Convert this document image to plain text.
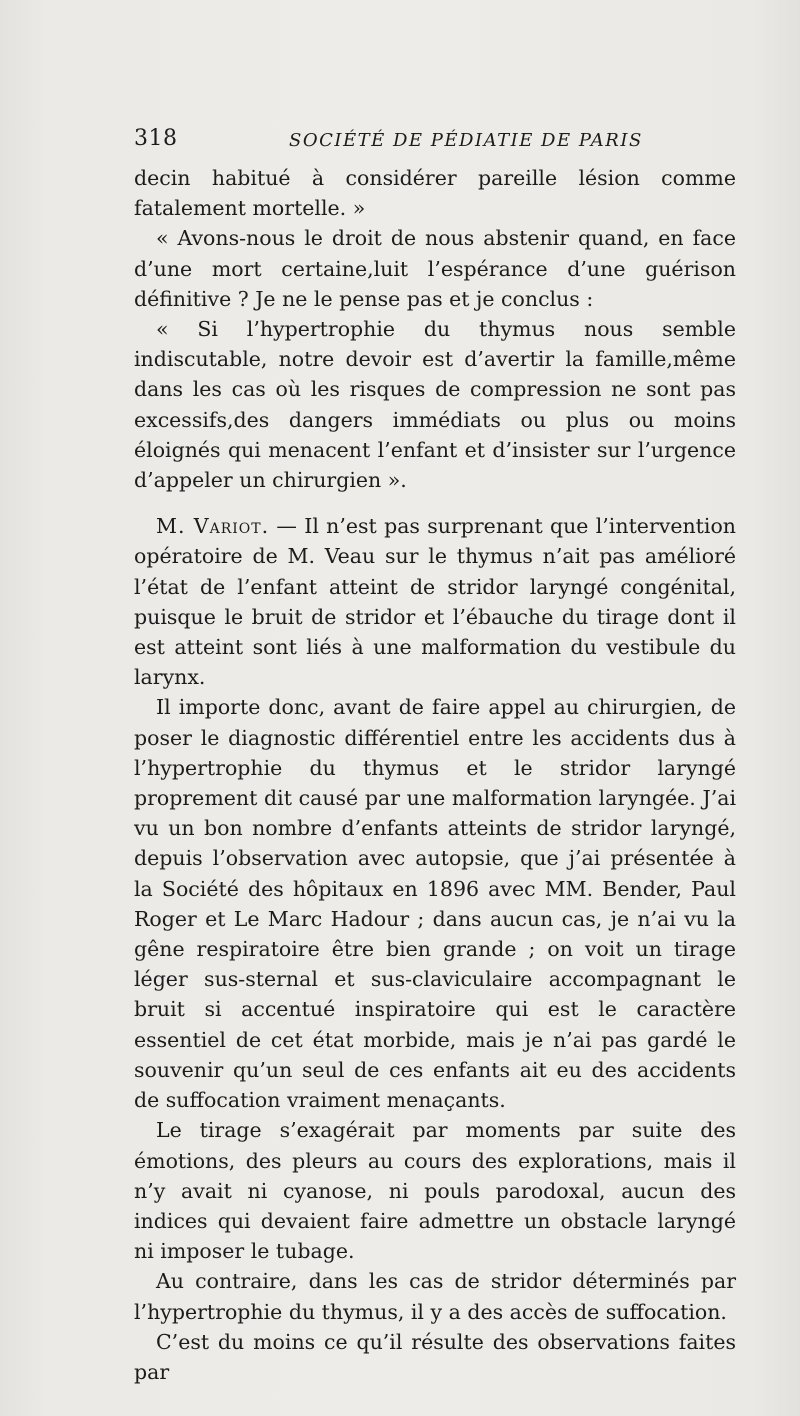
318	SOCIÉTÉ DE PÉDIATIE DE PARIS

decin habitué à considérer pareille lésion comme fatalement mortelle. »

« Avons-nous le droit de nous abstenir quand, en face d’une mort certaine,luit l’espérance d’une guérison définitive ? Je ne le pense pas et je conclus :

« Si l’hypertrophie du thymus nous semble indiscutable, notre devoir est d’avertir la famille,même dans les cas où les risques de compression ne sont pas excessifs,des dangers immédiats ou plus ou moins éloignés qui menacent l’enfant et d’insister sur l’urgence d’appeler un chirurgien ».

M. Variot. — Il n’est pas surprenant que l’intervention opératoire de M. Veau sur le thymus n’ait pas amélioré l’état de l’enfant atteint de stridor laryngé congénital, puisque le bruit de stridor et l’ébauche du tirage dont il est atteint sont liés à une malformation du vestibule du larynx.

Il importe donc, avant de faire appel au chirurgien, de poser le diagnostic différentiel entre les accidents dus à l’hypertrophie du thymus et le stridor laryngé proprement dit causé par une malformation laryngée. J’ai vu un bon nombre d’enfants atteints de stridor laryngé, depuis l’observation avec autopsie, que j’ai présentée à la Société des hôpitaux en 1896 avec MM. Bender, Paul Roger et Le Marc Hadour ; dans aucun cas, je n’ai vu la gêne respiratoire être bien grande ; on voit un tirage léger sus-sternal et sus-claviculaire accompagnant le bruit si accentué inspiratoire qui est le caractère essentiel de cet état morbide, mais je n’ai pas gardé le souvenir qu’un seul de ces enfants ait eu des accidents de suffocation vraiment menaçants.

Le tirage s’exagérait par moments par suite des émotions, des pleurs au cours des explorations, mais il n’y avait ni cyanose, ni pouls parodoxal, aucun des indices qui devaient faire admettre un obstacle laryngé ni imposer le tubage.

Au contraire, dans les cas de stridor déterminés par l’hypertrophie du thymus, il y a des accès de suffocation.

C’est du moins ce qu’il résulte des observations faites par
